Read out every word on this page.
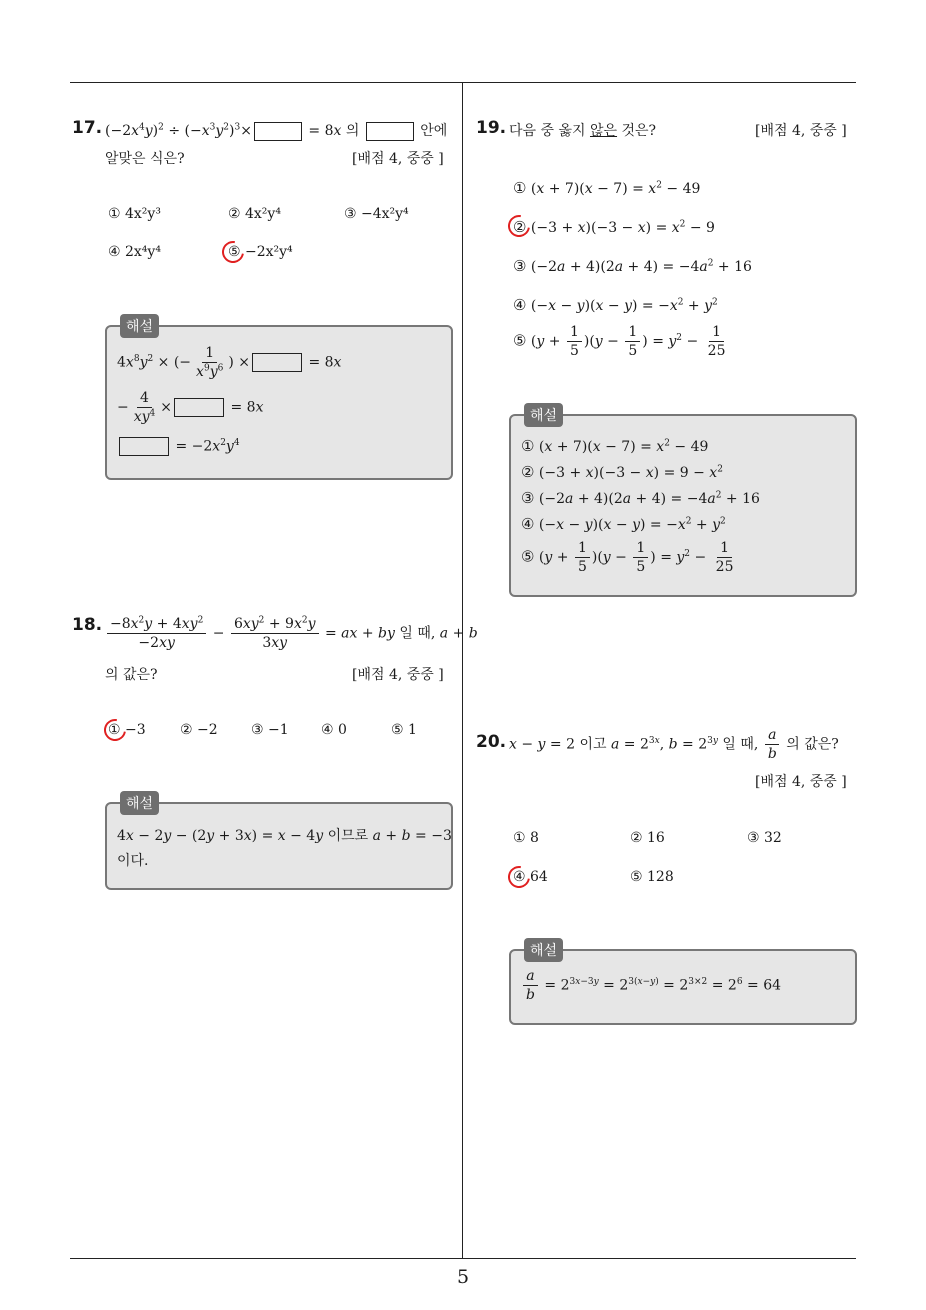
5
17. $(-2x^4y)^2 \div (-x^3y^2)^3\times$	= 8x 의	안에
알맞은 식은?	[배점 4, 중중 ]
① 4x²y³	② 4x²y⁴	③ −4x²y⁴
④ 2x⁴y⁴	⑤ −2x²y⁴
해설
$4x^8y^2$ × (− $\frac{1}{x^9y^6}$ ) ×	= 8x
− $\frac{4}{xy^4}$ ×	= 8x
= $-2x^2y^4$
18. $\frac{-8x^2y + 4xy^2}{-2xy} - \frac{6xy^2 + 9x^2y}{3xy}$ = ax + by 일 때, a + b
의 값은?	[배점 4, 중중 ]
① −3 ② −2 ③ −1 ④ 0	⑤ 1
해설
4x − 2y − (2y + 3x) = x − 4y 이므로 a + b = −3
이다.
19. 다음 중 옳지 않은 것은?	[배점 4, 중중 ]
① $(x + 7)(x - 7) = x^2 - 49$
② $(-3 + x)(-3 - x) = x^2 - 9$
③ $(-2a + 4)(2a + 4) = -4a^2 + 16$
④ $(-x - y)(x - y) = -x^2 + y^2$
⑤ $(y + \frac{1}{5} )(y - \frac{1}{5}$ ) = $y^2 - \frac{1}{25}$
해설
① $(x + 7)(x - 7) = x^2 - 49$
② $(-3 + x)(-3 - x) = 9 - x^2$
③ $(-2a + 4)(2a + 4) = -4a^2 + 16$
④ $(-x - y)(x - y) = -x^2 + y^2$
⑤ $(y + \frac{1}{5} )(y - \frac{1}{5}$ ) = $y^2 - \frac{1}{25}$
20. x − y = 2 이고 $a = 2^{3x}$, $b = 2^{3y}$ 일 때, $\frac{a}{b}$ 의 값은?
[배점 4, 중중 ]
① 8	② 16	③ 32
④ 64	⑤ 128
해설
$\frac{a}{b} = 2^{3x-3y} = 2^{3(x-y)} = 2^{3\times 2} = 2^6 = 64$
